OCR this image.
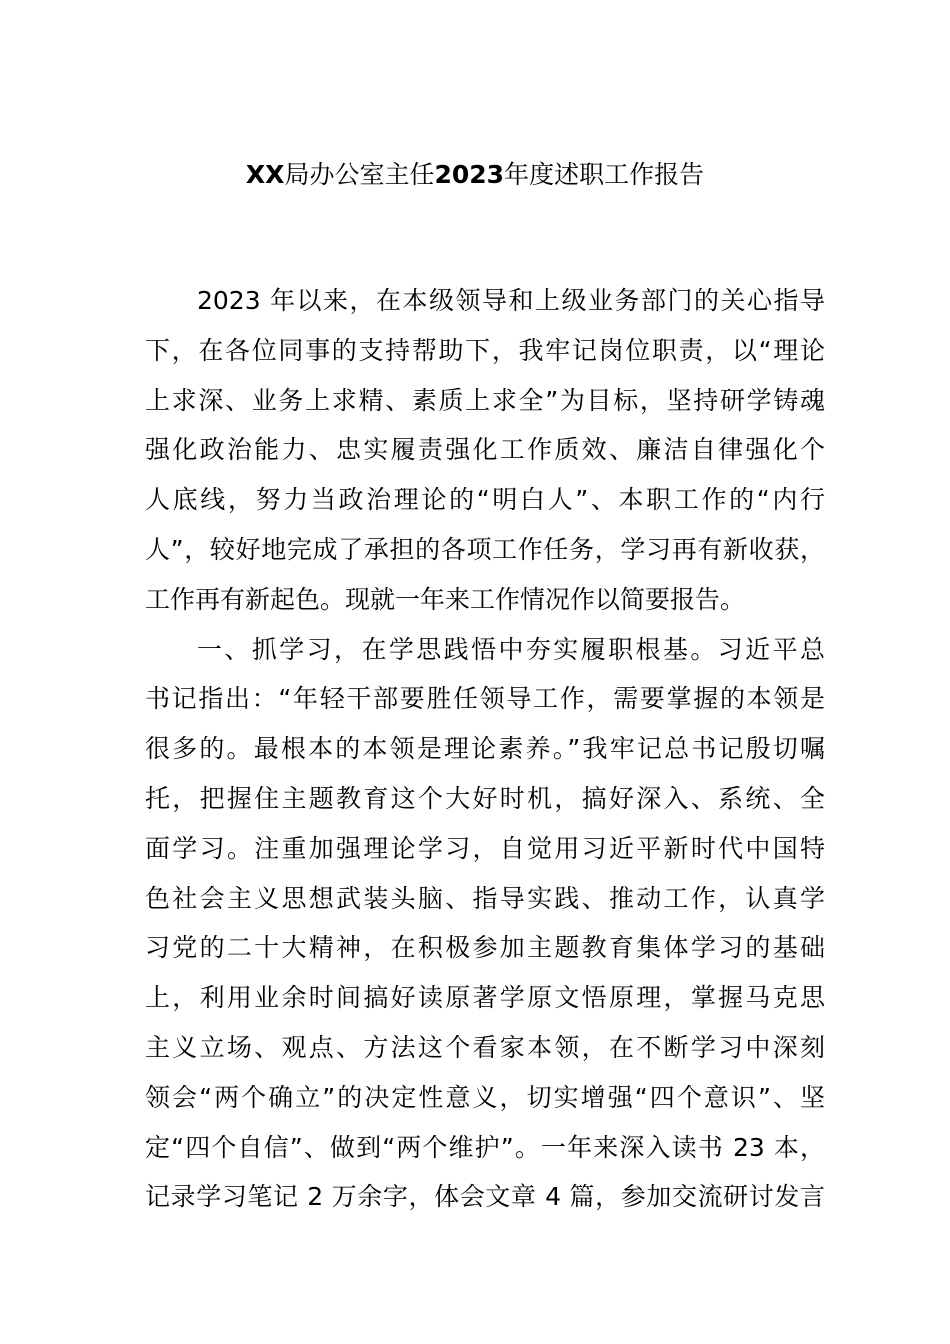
XX局办公室主任2023年度述职工作报告
2023 年以来，在本级领导和上级业务部门的关心指导
下，在各位同事的支持帮助下，我牢记岗位职责，以“理论
上求深、业务上求精、素质上求全”为目标，坚持研学铸魂
强化政治能力、忠实履责强化工作质效、廉洁自律强化个
人底线，努力当政治理论的“明白人”、本职工作的“内行
人”，较好地完成了承担的各项工作任务，学习再有新收获，
工作再有新起色。现就一年来工作情况作以简要报告。
一、抓学习，在学思践悟中夯实履职根基。习近平总
书记指出：“年轻干部要胜任领导工作，需要掌握的本领是
很多的。最根本的本领是理论素养。”我牢记总书记殷切嘱
托，把握住主题教育这个大好时机，搞好深入、系统、全
面学习。注重加强理论学习，自觉用习近平新时代中国特
色社会主义思想武装头脑、指导实践、推动工作，认真学
习党的二十大精神，在积极参加主题教育集体学习的基础
上，利用业余时间搞好读原著学原文悟原理，掌握马克思
主义立场、观点、方法这个看家本领，在不断学习中深刻
领会“两个确立”的决定性意义，切实增强“四个意识”、坚
定“四个自信”、做到“两个维护”。一年来深入读书 23 本，
记录学习笔记 2 万余字，体会文章 4 篇，参加交流研讨发言
